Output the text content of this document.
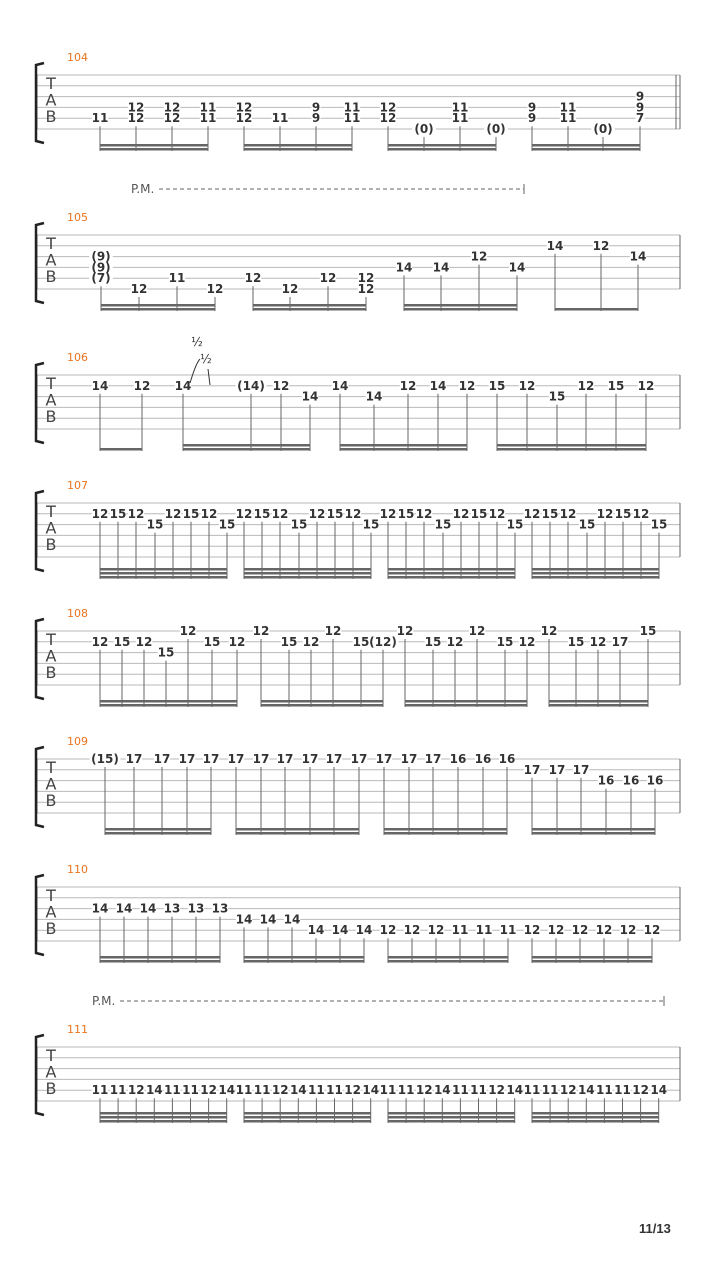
T
A
B
104
11
12
12
12
12
11
11
12
12 11
9
9
11
11
12
12
(0)
11
11
(0)
9
9
11
11
(0)
9
9
7
T
A
B
105
P.M.
(9)
(9)
(7)
12
11
12
12
12
12 12
12
14 14
12
14
14 12
14
T
A
B
106
14 12 14	(14) 12
14
14
14
12 14 12 15 12
15
12 15 12
½
½
T
A
B
107
12 15 12
15
12 15 12
15
12 15 12
15
12 15 12
15
12 15 12
15
12 15 12
15
12 15 12
15
12 15 12
15
T
A
B
108
12 15 12
15
12
15 12
12
15 12
12
15 (12)
12
15 12
12
15 12
12
15 12 17
15
T
A
B
109
(15) 17 17 17 17 17 17 17 17 17 17 17 17 17 16 16 16
17 17 17
16 16 16
T
A
B
110
14 14 14 13 13 13
14 14 14
14 14 14 12 12 12 11 11 11 12 12 12 12 12 12
T
A
B
111
P.M.
11 11 12 14 11 11 12 14 11 11 12 14 11 11 12 14 11 11 12 14 11 11 12 14 11 11 12 14 11 11 12 14
11/13
